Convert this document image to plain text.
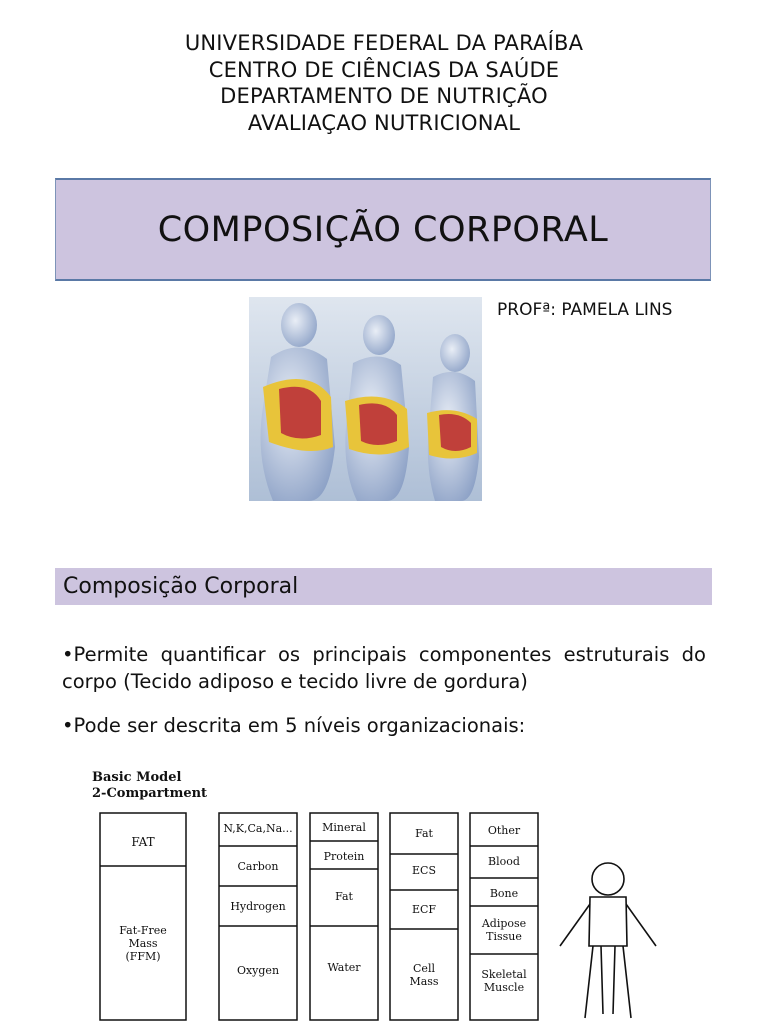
UNIVERSIDADE FEDERAL DA PARAÍBA
CENTRO DE CIÊNCIAS DA SAÚDE
DEPARTAMENTO DE NUTRIÇÃO
AVALIAÇAO NUTRICIONAL
COMPOSIÇÃO CORPORAL
PROFª: PAMELA LINS
Composição Corporal
•Permite quantificar os principais componentes estruturais do corpo (Tecido adiposo e tecido livre de gordura)
•Pode ser descrita em 5 níveis organizacionais:
Basic Model
2-Compartment
FAT
Fat-Free
Mass
(FFM)
N,K,Ca,Na...
Carbon
Hydrogen
Oxygen
Mineral
Protein
Fat
Water
Fat
ECS
ECF
Cell
Mass
Other
Blood
Bone
Adipose
Tissue
Skeletal
Muscle
